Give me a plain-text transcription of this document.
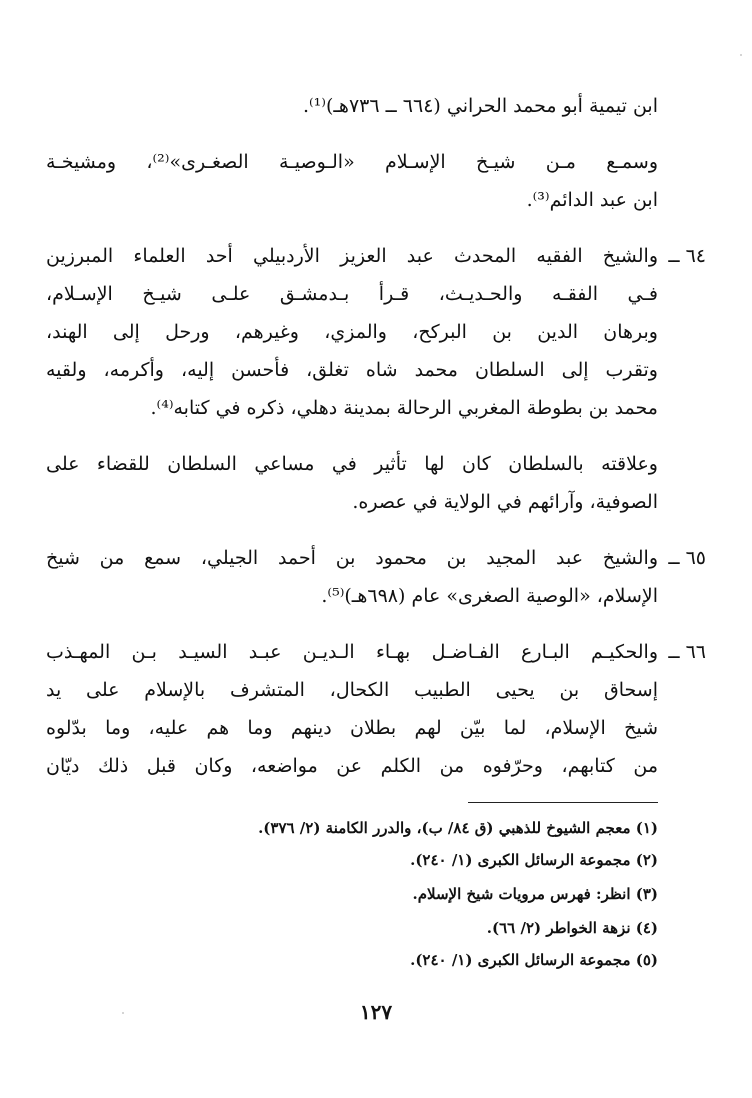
ابن تيمية أبو محمد الحراني (٦٦٤ ــ ٧٣٦هـ)⁽¹⁾.
وسمـع مـن شيـخ الإسـلام «الـوصيـة الصغـرى»⁽²⁾، ومشيخـة
ابن عبد الدائم⁽³⁾.
٦٤ ــ
والشيخ الفقيه المحدث عبد العزيز الأردبيلي أحد العلماء المبرزين
فـي الفقـه والحـديـث، قـرأ بـدمشـق علـى شيـخ الإسـلام،
وبرهان الدين بن البركح، والمزي، وغيرهم، ورحل إلى الهند،
وتقرب إلى السلطان محمد شاه تغلق، فأحسن إليه، وأكرمه، ولقيه
محمد بن بطوطة المغربي الرحالة بمدينة دهلي، ذكره في كتابه⁽⁴⁾.
وعلاقته بالسلطان كان لها تأثير في مساعي السلطان للقضاء على
الصوفية، وآرائهم في الولاية في عصره.
٦٥ ــ
والشيخ عبد المجيد بن محمود بن أحمد الجيلي، سمع من شيخ
الإسلام، «الوصية الصغرى» عام (٦٩٨هـ)⁽⁵⁾.
٦٦ ــ
والحكيـم البـارع الفـاضـل بهـاء الـديـن عبـد السيـد بـن المهـذب
إسحاق بن يحيى الطبيب الكحال، المتشرف بالإسلام على يد
شيخ الإسلام، لما بيّن لهم بطلان دينهم وما هم عليه، وما بدّلوه
من كتابهم، وحرّفوه من الكلم عن مواضعه، وكان قبل ذلك ديّان
(١) معجم الشيوخ للذهبي (ق ٨٤/ ب)، والدرر الكامنة (٢/ ٣٧٦).
(٢) مجموعة الرسائل الكبرى (١/ ٢٤٠).
(٣) انظر: فهرس مرويات شيخ الإسلام.
(٤) نزهة الخواطر (٢/ ٦٦).
(٥) مجموعة الرسائل الكبرى (١/ ٢٤٠).
١٢٧
